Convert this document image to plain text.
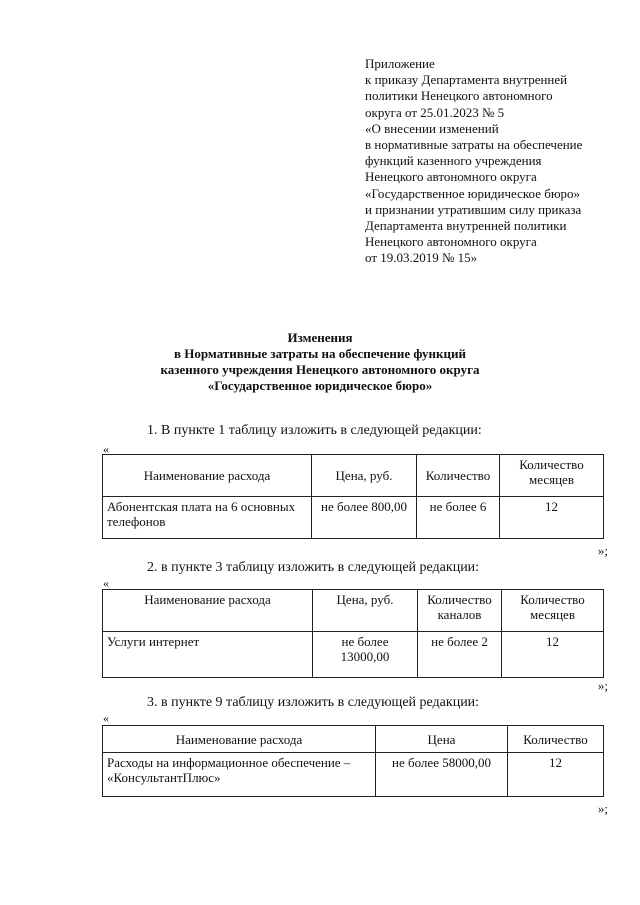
Приложение
к приказу Департамента внутренней
политики Ненецкого автономного
округа от 25.01.2023 № 5
«О внесении изменений
в нормативные затраты на обеспечение
функций казенного учреждения
Ненецкого автономного округа
«Государственное юридическое бюро»
и признании утратившим силу приказа
Департамента внутренней политики
Ненецкого автономного округа
от 19.03.2019 № 15»
Изменения
в Нормативные затраты на обеспечение функций
казенного учреждения Ненецкого автономного округа
«Государственное юридическое бюро»
1. В пункте 1 таблицу изложить в следующей редакции:
«
Наименование расхода	Цена, руб.	Количество	Количество месяцев
Абонентская плата на 6 основных телефонов	не более 800,00	не более 6	12
»;
2. в пункте 3 таблицу изложить в следующей редакции:
«
Наименование расхода	Цена, руб.	Количество каналов	Количество месяцев
Услуги интернет	не более 13000,00	не более 2	12
»;
3. в пункте 9 таблицу изложить в следующей редакции:
«
Наименование расхода	Цена	Количество
Расходы на информационное обеспечение – «КонсультантПлюс»	не более 58000,00	12
»;
